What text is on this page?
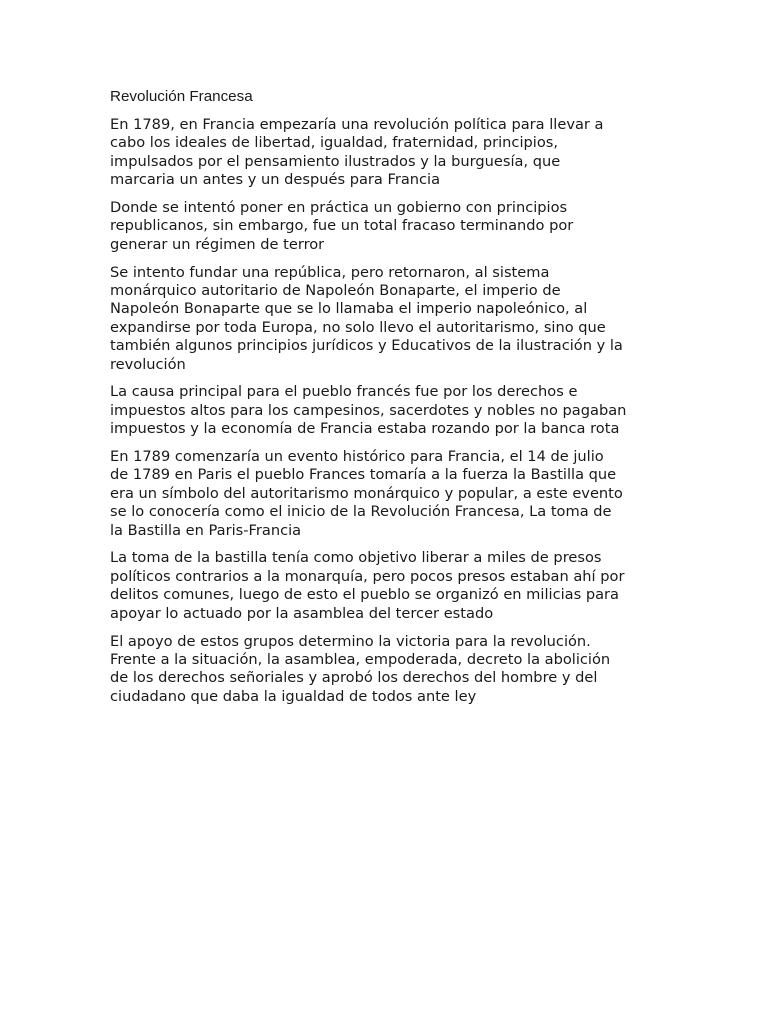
Revolución Francesa

En 1789, en Francia empezaría una revolución política para llevar a
cabo los ideales de libertad, igualdad, fraternidad, principios,
impulsados por el pensamiento ilustrados y la burguesía, que
marcaria un antes y un después para Francia

Donde se intentó poner en práctica un gobierno con principios
republicanos, sin embargo, fue un total fracaso terminando por
generar un régimen de terror

Se intento fundar una república, pero retornaron, al sistema
monárquico autoritario de Napoleón Bonaparte, el imperio de
Napoleón Bonaparte que se lo llamaba el imperio napoleónico, al
expandirse por toda Europa, no solo llevo el autoritarismo, sino que
también algunos principios jurídicos y Educativos de la ilustración y la
revolución

La causa principal para el pueblo francés fue por los derechos e
impuestos altos para los campesinos, sacerdotes y nobles no pagaban
impuestos y la economía de Francia estaba rozando por la banca rota

En 1789 comenzaría un evento histórico para Francia, el 14 de julio
de 1789 en Paris el pueblo Frances tomaría a la fuerza la Bastilla que
era un símbolo del autoritarismo monárquico y popular, a este evento
se lo conocería como el inicio de la Revolución Francesa, La toma de
la Bastilla en Paris-Francia

La toma de la bastilla tenía como objetivo liberar a miles de presos
políticos contrarios a la monarquía, pero pocos presos estaban ahí por
delitos comunes, luego de esto el pueblo se organizó en milicias para
apoyar lo actuado por la asamblea del tercer estado

El apoyo de estos grupos determino la victoria para la revolución.
Frente a la situación, la asamblea, empoderada, decreto la abolición
de los derechos señoriales y aprobó los derechos del hombre y del
ciudadano que daba la igualdad de todos ante ley
